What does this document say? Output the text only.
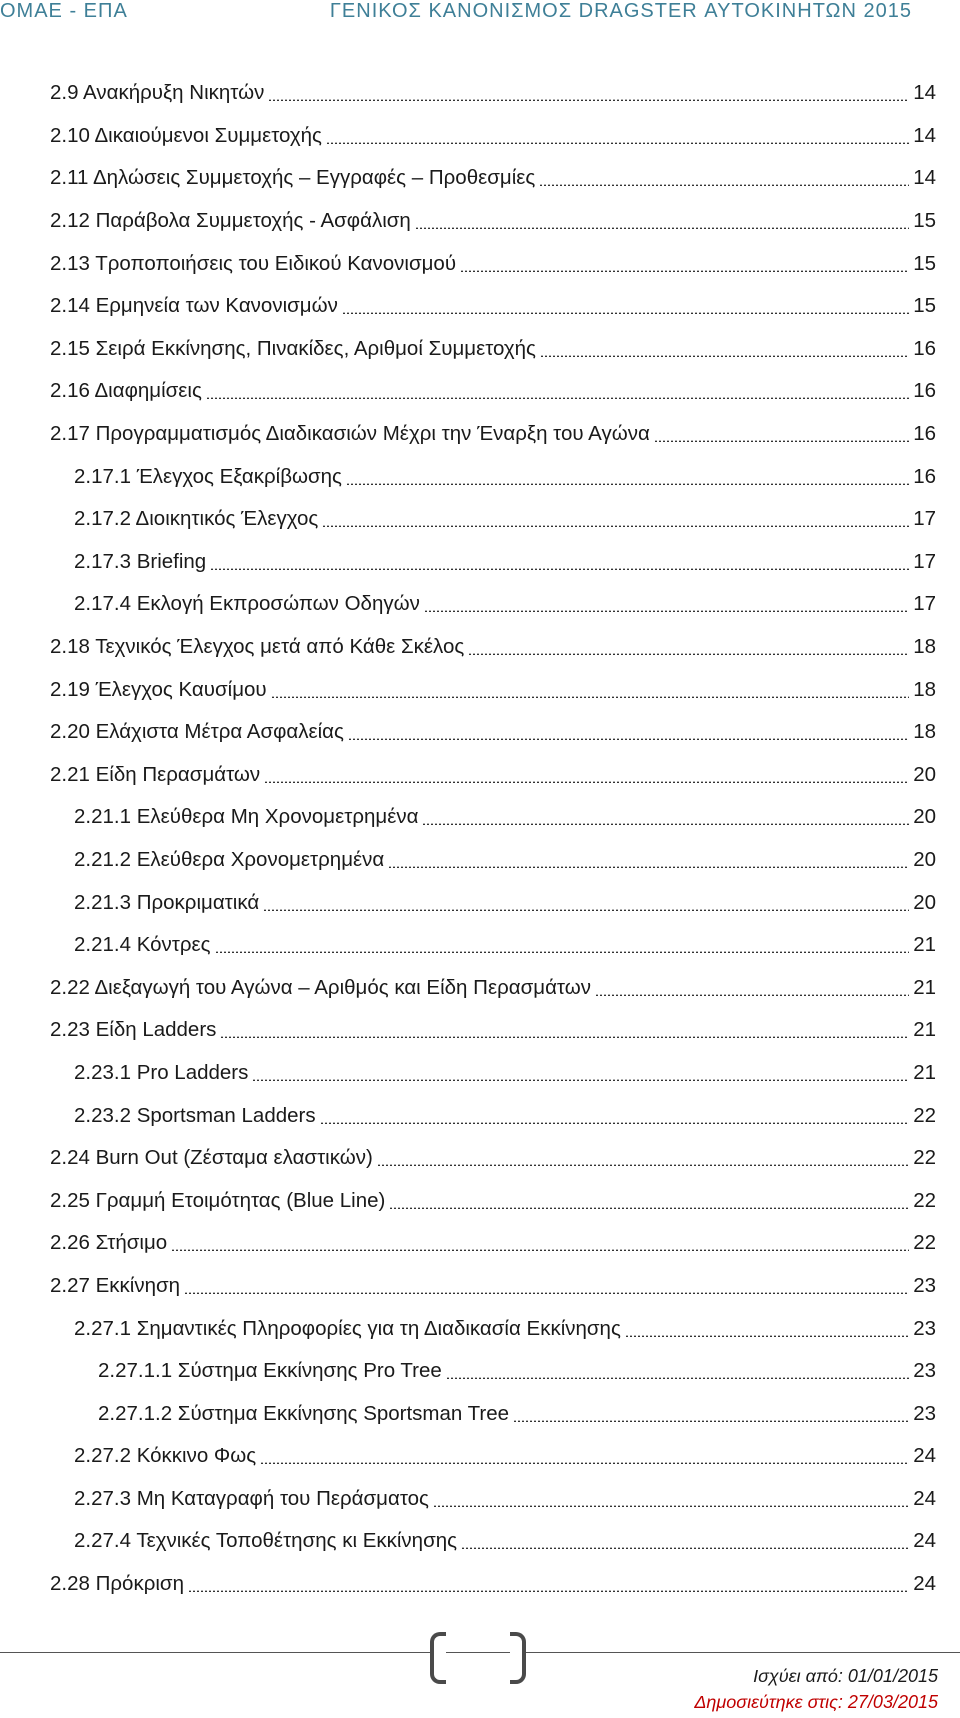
ΟΜΑΕ - ΕΠΑ	ΓΕΝΙΚΟΣ ΚΑΝΟΝΙΣΜΟΣ DRAGSTER ΑΥΤΟΚΙΝΗΤΩΝ 2015
2.9 Ανακήρυξη Νικητών	14
2.10 Δικαιούμενοι Συμμετοχής	14
2.11 Δηλώσεις Συμμετοχής – Εγγραφές – Προθεσμίες	14
2.12 Παράβολα Συμμετοχής - Ασφάλιση	15
2.13 Τροποποιήσεις του Ειδικού Κανονισμού	15
2.14 Ερμηνεία των Κανονισμών	15
2.15 Σειρά Εκκίνησης, Πινακίδες, Αριθμοί Συμμετοχής	16
2.16 Διαφημίσεις	16
2.17 Προγραμματισμός Διαδικασιών Μέχρι την Έναρξη του Αγώνα	16
2.17.1 Έλεγχος Εξακρίβωσης	16
2.17.2 Διοικητικός Έλεγχος	17
2.17.3 Briefing	17
2.17.4 Εκλογή Εκπροσώπων Οδηγών	17
2.18 Τεχνικός Έλεγχος μετά από Κάθε Σκέλος	18
2.19 Έλεγχος Καυσίμου	18
2.20 Ελάχιστα Μέτρα Ασφαλείας	18
2.21 Είδη Περασμάτων	20
2.21.1 Ελεύθερα Μη Χρονομετρημένα	20
2.21.2 Ελεύθερα Χρονομετρημένα	20
2.21.3 Προκριματικά	20
2.21.4 Κόντρες	21
2.22 Διεξαγωγή του Αγώνα – Αριθμός και Είδη Περασμάτων	21
2.23 Είδη Ladders	21
2.23.1 Pro Ladders	21
2.23.2 Sportsman Ladders	22
2.24 Burn Out (Ζέσταμα ελαστικών)	22
2.25 Γραμμή Ετοιμότητας (Blue Line)	22
2.26 Στήσιμο	22
2.27 Εκκίνηση	23
2.27.1 Σημαντικές Πληροφορίες για τη Διαδικασία Εκκίνησης	23
2.27.1.1 Σύστημα Εκκίνησης Pro Tree	23
2.27.1.2 Σύστημα Εκκίνησης Sportsman Tree	23
2.27.2 Κόκκινο Φως	24
2.27.3 Μη Καταγραφή του Περάσματος	24
2.27.4 Τεχνικές Τοποθέτησης κι Εκκίνησης	24
2.28 Πρόκριση	24
Ισχύει από: 01/01/2015
Δημοσιεύτηκε στις: 27/03/2015
